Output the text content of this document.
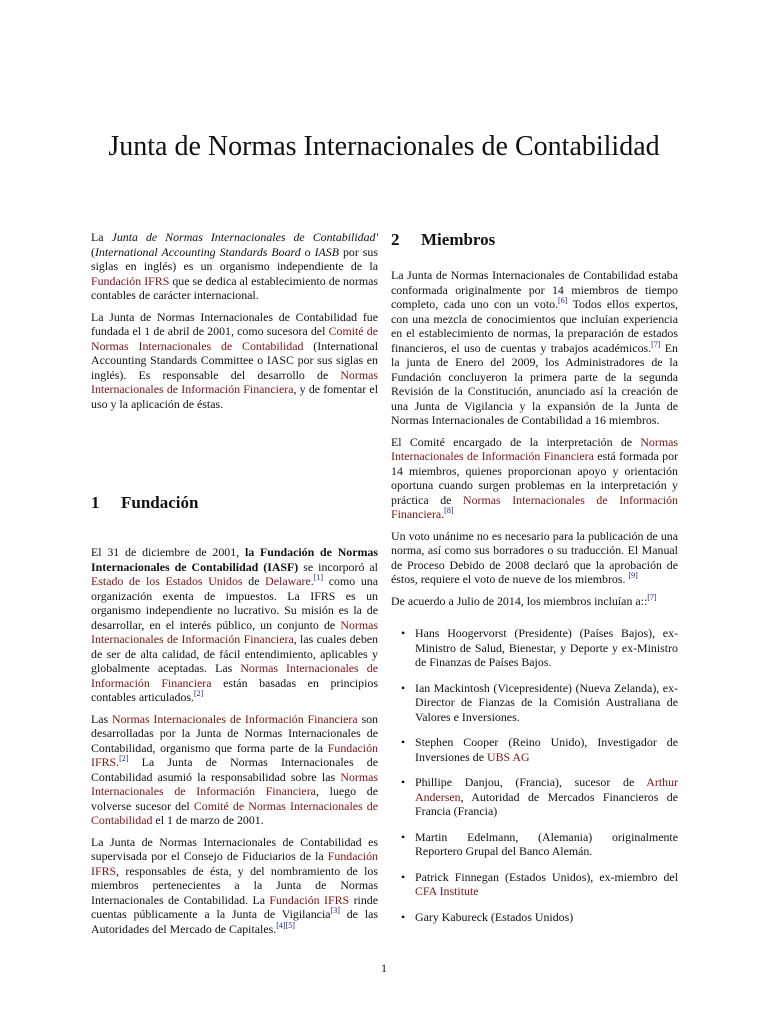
Junta de Normas Internacionales de Contabilidad

La Junta de Normas Internacionales de Contabilidad' (International Accounting Standards Board o IASB por sus siglas en inglés) es un organismo independiente de la Fundación IFRS que se dedica al establecimiento de normas contables de carácter internacional.

La Junta de Normas Internacionales de Contabilidad fue fundada el 1 de abril de 2001, como sucesora del Comité de Normas Internacionales de Contabilidad (International Accounting Standards Committee o IASC por sus siglas en inglés). Es responsable del desarrollo de Normas Internacionales de Información Financiera, y de fomentar el uso y la aplicación de éstas.

1 Fundación

El 31 de diciembre de 2001, la Fundación de Normas Internacionales de Contabilidad (IASF) se incorporó al Estado de los Estados Unidos de Delaware.[1] como una organización exenta de impuestos. La IFRS es un organismo independiente no lucrativo. Su misión es la de desarrollar, en el interés público, un conjunto de Normas Internacionales de Información Financiera, las cuales deben de ser de alta calidad, de fácil entendimiento, aplicables y globalmente aceptadas. Las Normas Internacionales de Información Financiera están basadas en principios contables articulados.[2]

Las Normas Internacionales de Información Financiera son desarrolladas por la Junta de Normas Internacionales de Contabilidad, organismo que forma parte de la Fundación IFRS.[2] La Junta de Normas Internacionales de Contabilidad asumió la responsabilidad sobre las Normas Internacionales de Información Financiera, luego de volverse sucesor del Comité de Normas Internacionales de Contabilidad el 1 de marzo de 2001.

La Junta de Normas Internacionales de Contabilidad es supervisada por el Consejo de Fiduciarios de la Fundación IFRS, responsables de ésta, y del nombramiento de los miembros pertenecientes a la Junta de Normas Internacionales de Contabilidad. La Fundación IFRS rinde cuentas públicamente a la Junta de Vigilancia[3] de las Autoridades del Mercado de Capitales.[4][5]

2 Miembros

La Junta de Normas Internacionales de Contabilidad estaba conformada originalmente por 14 miembros de tiempo completo, cada uno con un voto.[6] Todos ellos expertos, con una mezcla de conocimientos que incluían experiencia en el establecimiento de normas, la preparación de estados financieros, el uso de cuentas y trabajos académicos.[7] En la junta de Enero del 2009, los Administradores de la Fundación concluyeron la primera parte de la segunda Revisión de la Constitución, anunciado así la creación de una Junta de Vigilancia y la expansión de la Junta de Normas Internacionales de Contabilidad a 16 miembros.

El Comité encargado de la interpretación de Normas Internacionales de Información Financiera está formada por 14 miembros, quienes proporcionan apoyo y orientación oportuna cuando surgen problemas en la interpretación y práctica de Normas Internacionales de Información Financiera.[8]

Un voto unánime no es necesario para la publicación de una norma, así como sus borradores o su traducción. El Manual de Proceso Debido de 2008 declaró que la aprobación de éstos, requiere el voto de nueve de los miembros. [9]

De acuerdo a Julio de 2014, los miembros incluían a::[7]

• Hans Hoogervorst (Presidente) (Países Bajos), ex-Ministro de Salud, Bienestar, y Deporte y ex-Ministro de Finanzas de Países Bajos.
• Ian Mackintosh (Vicepresidente) (Nueva Zelanda), ex-Director de Fianzas de la Comisión Australiana de Valores e Inversiones.
• Stephen Cooper (Reino Unido), Investigador de Inversiones de UBS AG
• Phillipe Danjou, (Francia), sucesor de Arthur Andersen, Autoridad de Mercados Financieros de Francia (Francia)
• Martin Edelmann, (Alemania) originalmente Reportero Grupal del Banco Alemán.
• Patrick Finnegan (Estados Unidos), ex-miembro del CFA Institute
• Gary Kabureck (Estados Unidos)
1
